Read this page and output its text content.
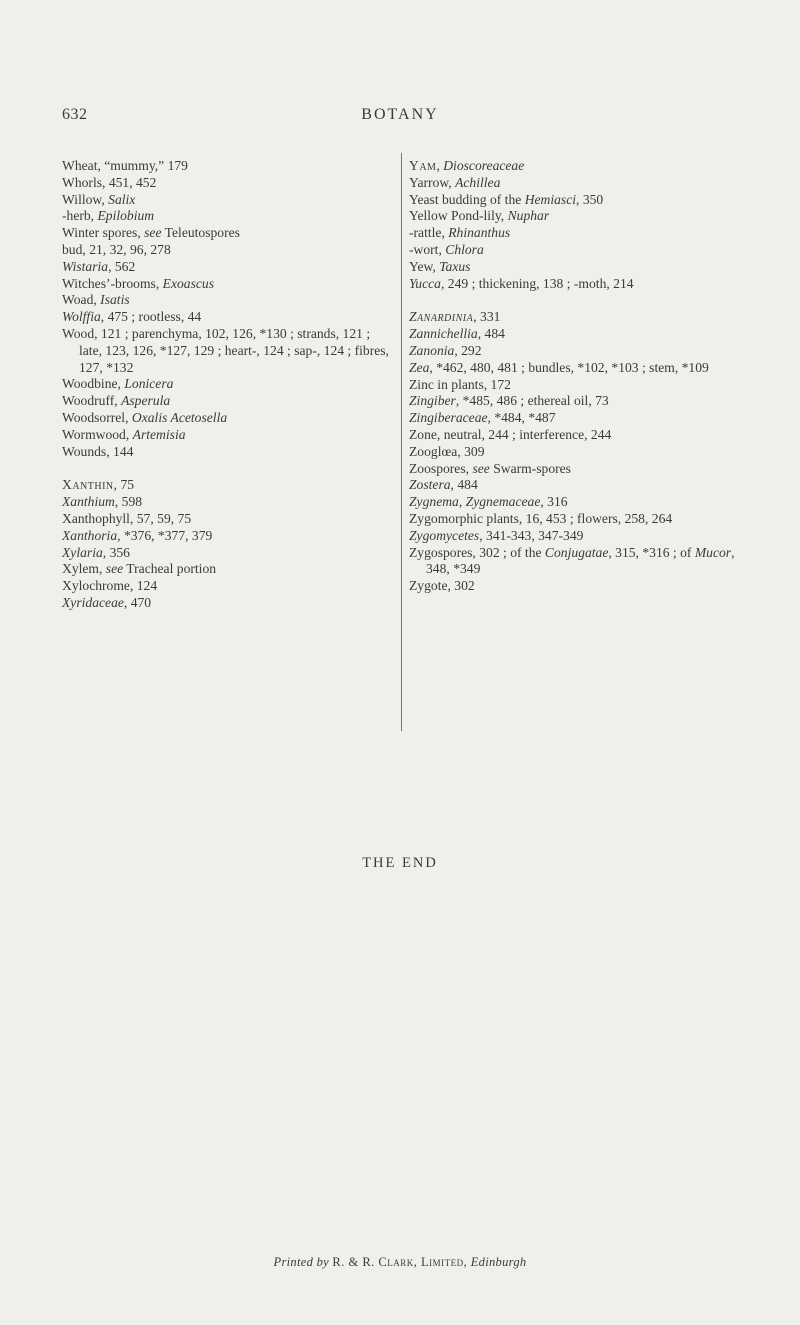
632	BOTANY
Wheat, “mummy,” 179
Whorls, 451, 452
Willow, Salix
-herb, Epilobium
Winter spores, see Teleutospores
bud, 21, 32, 96, 278
Wistaria, 562
Witches’-brooms, Exoascus
Woad, Isatis
Wolffia, 475 ; rootless, 44
Wood, 121 ; parenchyma, 102, 126, *130 ; strands, 121 ; late, 123, 126, *127, 129 ; heart-, 124 ; sap-, 124 ; fibres, 127, *132
Woodbine, Lonicera
Woodruff, Asperula
Woodsorrel, Oxalis Acetosella
Wormwood, Artemisia
Wounds, 144
Xanthin, 75
Xanthium, 598
Xanthophyll, 57, 59, 75
Xanthoria, *376, *377, 379
Xylaria, 356
Xylem, see Tracheal portion
Xylochrome, 124
Xyridaceae, 470
Yam, Dioscoreaceae
Yarrow, Achillea
Yeast budding of the Hemiasci, 350
Yellow Pond-lily, Nuphar
-rattle, Rhinanthus
-wort, Chlora
Yew, Taxus
Yucca, 249 ; thickening, 138 ; -moth, 214
Zanardinia, 331
Zannichellia, 484
Zanonia, 292
Zea, *462, 480, 481 ; bundles, *102, *103 ; stem, *109
Zinc in plants, 172
Zingiber, *485, 486 ; ethereal oil, 73
Zingiberaceae, *484, *487
Zone, neutral, 244 ; interference, 244
Zooglœa, 309
Zoospores, see Swarm-spores
Zostera, 484
Zygnema, Zygnemaceae, 316
Zygomorphic plants, 16, 453 ; flowers, 258, 264
Zygomycetes, 341-343, 347-349
Zygospores, 302 ; of the Conjugatae, 315, *316 ; of Mucor, 348, *349
Zygote, 302
THE END
Printed by R. & R. Clark, Limited, Edinburgh
